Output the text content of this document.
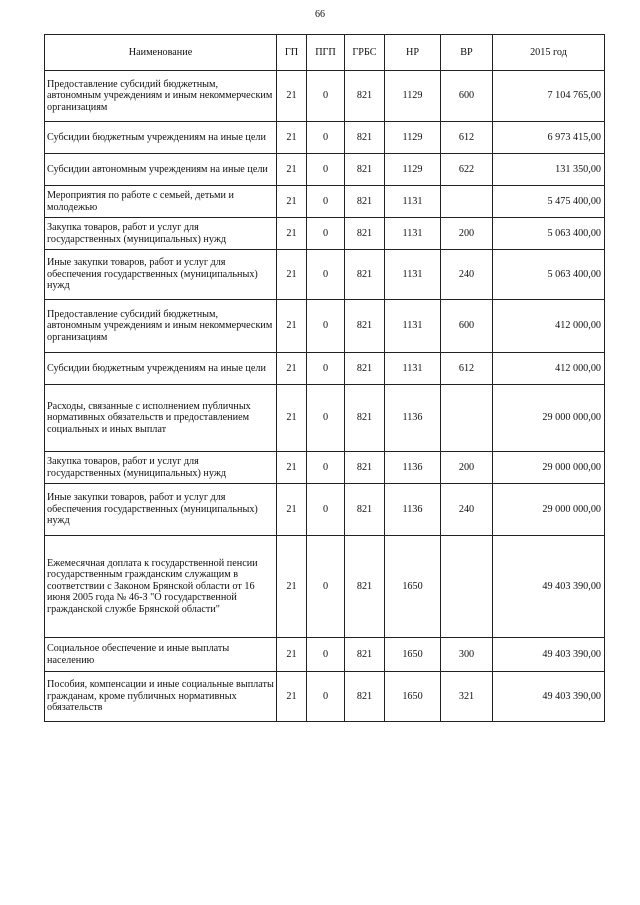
66
Наименование	ГП	ПГП	ГРБС	НР	ВР	2015 год
Предоставление субсидий бюджетным, автономным учреждениям и иным некоммерческим организациям	21	0	821	1129	600	7 104 765,00
Субсидии бюджетным учреждениям на иные цели	21	0	821	1129	612	6 973 415,00
Субсидии автономным учреждениям на иные цели	21	0	821	1129	622	131 350,00
Мероприятия по работе с семьей, детьми и молодежью	21	0	821	1131		5 475 400,00
Закупка товаров, работ и услуг для государственных (муниципальных) нужд	21	0	821	1131	200	5 063 400,00
Иные закупки товаров, работ и услуг для обеспечения государственных (муниципальных) нужд	21	0	821	1131	240	5 063 400,00
Предоставление субсидий бюджетным, автономным учреждениям и иным некоммерческим организациям	21	0	821	1131	600	412 000,00
Субсидии бюджетным учреждениям на иные цели	21	0	821	1131	612	412 000,00
Расходы, связанные с исполнением публичных нормативных обязательств и предоставлением социальных и иных выплат	21	0	821	1136		29 000 000,00
Закупка товаров, работ и услуг для государственных (муниципальных) нужд	21	0	821	1136	200	29 000 000,00
Иные закупки товаров, работ и услуг для обеспечения государственных (муниципальных) нужд	21	0	821	1136	240	29 000 000,00
Ежемесячная доплата к государственной пенсии государственным гражданским служащим в соответствии с Законом Брянской области от 16 июня 2005 года № 46-З "О государственной гражданской службе Брянской области"	21	0	821	1650		49 403 390,00
Социальное обеспечение и иные выплаты населению	21	0	821	1650	300	49 403 390,00
Пособия, компенсации и иные социальные выплаты гражданам, кроме публичных нормативных обязательств	21	0	821	1650	321	49 403 390,00
